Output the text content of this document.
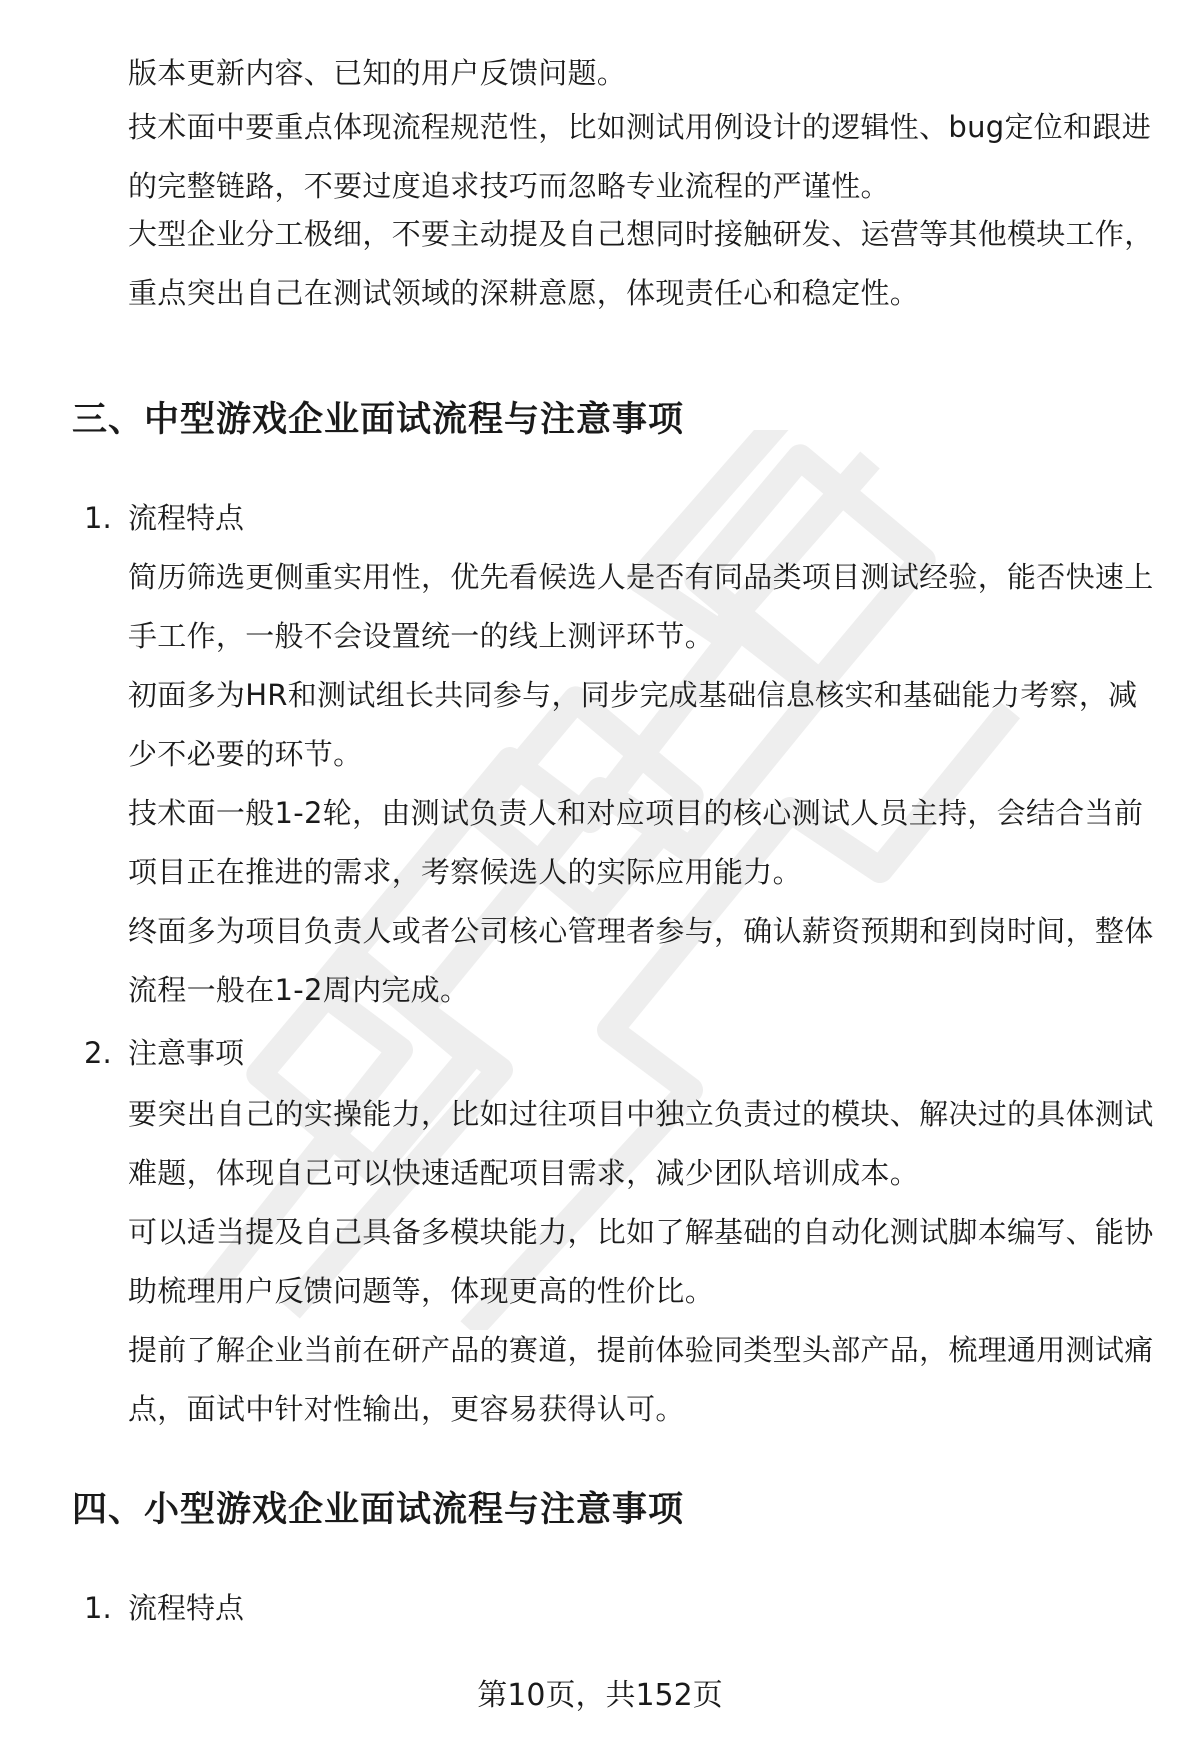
版本更新内容、已知的用户反馈问题。

技术面中要重点体现流程规范性，比如测试用例设计的逻辑性、bug定位和跟进的完整链路，不要过度追求技巧而忽略专业流程的严谨性。

大型企业分工极细，不要主动提及自己想同时接触研发、运营等其他模块工作，重点突出自己在测试领域的深耕意愿，体现责任心和稳定性。

三、中型游戏企业面试流程与注意事项

1. 流程特点

简历筛选更侧重实用性，优先看候选人是否有同品类项目测试经验，能否快速上手工作，一般不会设置统一的线上测评环节。

初面多为HR和测试组长共同参与，同步完成基础信息核实和基础能力考察，减少不必要的环节。

技术面一般1-2轮，由测试负责人和对应项目的核心测试人员主持，会结合当前项目正在推进的需求，考察候选人的实际应用能力。

终面多为项目负责人或者公司核心管理者参与，确认薪资预期和到岗时间，整体流程一般在1-2周内完成。

2. 注意事项

要突出自己的实操能力，比如过往项目中独立负责过的模块、解决过的具体测试难题，体现自己可以快速适配项目需求，减少团队培训成本。

可以适当提及自己具备多模块能力，比如了解基础的自动化测试脚本编写、能协助梳理用户反馈问题等，体现更高的性价比。

提前了解企业当前在研产品的赛道，提前体验同类型头部产品，梳理通用测试痛点，面试中针对性输出，更容易获得认可。

四、小型游戏企业面试流程与注意事项

1. 流程特点

第10页，共152页
